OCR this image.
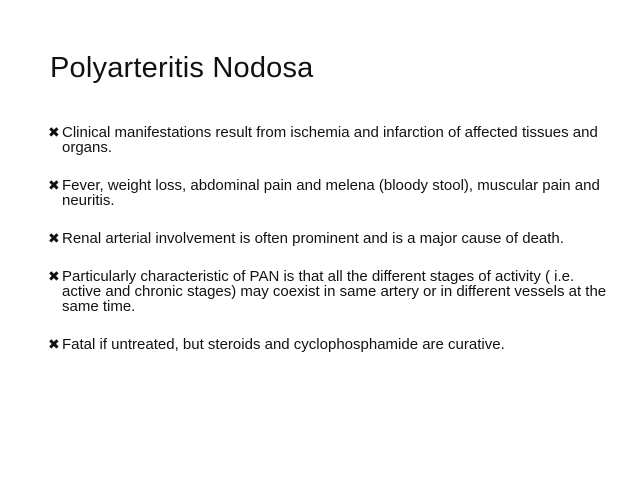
Polyarteritis Nodosa
✖ Clinical manifestations result from ischemia and infarction of affected tissues and organs.
✖ Fever, weight loss, abdominal pain and melena (bloody stool), muscular pain and neuritis.
✖ Renal arterial involvement is often prominent and is a major cause of death.
✖ Particularly characteristic of PAN is that all the different stages of activity ( i.e. active and chronic stages) may coexist in same artery or in different vessels at the same time.
✖ Fatal if untreated, but steroids and cyclophosphamide are curative.
